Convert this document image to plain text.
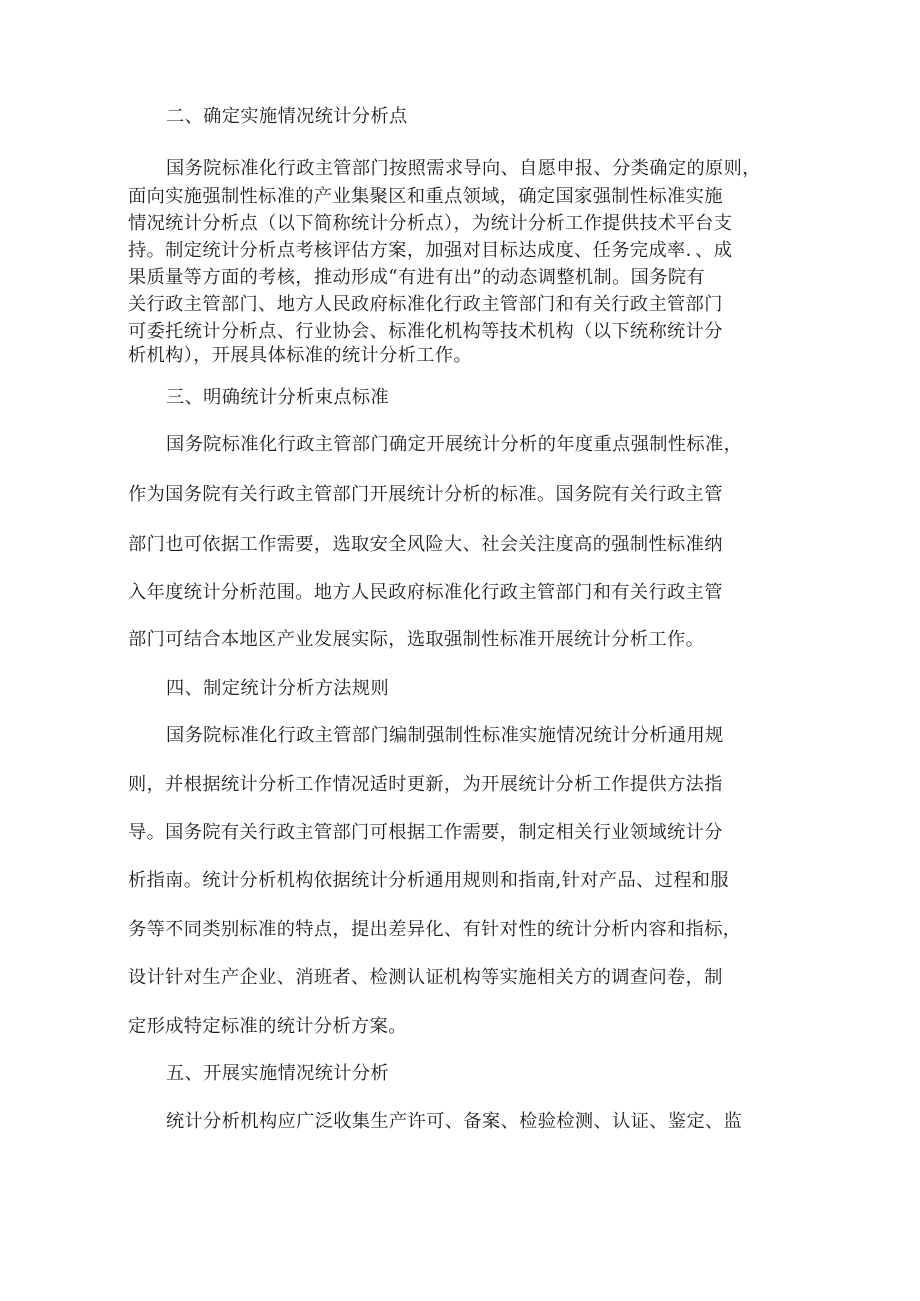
二、确定实施情况统计分析点
国务院标准化行政主管部门按照需求导向、自愿申报、分类确定的原则，
面向实施强制性标准的产业集聚区和重点领域，确定国家强制性标准实施
情况统计分析点（以下简称统计分析点），为统计分析工作提供技术平台支
持。制定统计分析点考核评估方案，加强对目标达成度、任务完成率．、成
果质量等方面的考核，推动形成“有进有出”的动态调整机制。国务院有
关行政主管部门、地方人民政府标准化行政主管部门和有关行政主管部门
可委托统计分析点、行业协会、标准化机构等技术机构（以下统称统计分
析机构），开展具体标准的统计分析工作。
三、明确统计分析束点标准
国务院标准化行政主管部门确定开展统计分析的年度重点强制性标准，
作为国务院有关行政主管部门开展统计分析的标准。国务院有关行政主管
部门也可依据工作需要，选取安全风险大、社会关注度高的强制性标准纳
入年度统计分析范围。地方人民政府标准化行政主管部门和有关行政主管
部门可结合本地区产业发展实际，选取强制性标准开展统计分析工作。
四、制定统计分析方法规则
国务院标准化行政主管部门编制强制性标准实施情况统计分析通用规
则，并根据统计分析工作情况适时更新，为开展统计分析工作提供方法指
导。国务院有关行政主管部门可根据工作需要，制定相关行业领域统计分
析指南。统计分析机构依据统计分析通用规则和指南,针对产品、过程和服
务等不同类别标准的特点，提出差异化、有针对性的统计分析内容和指标，
设计针对生产企业、消班者、检测认证机构等实施相关方的调查问卷，制
定形成特定标准的统计分析方案。
五、开展实施情况统计分析
统计分析机构应广泛收集生产许可、备案、检验检测、认证、鉴定、监
